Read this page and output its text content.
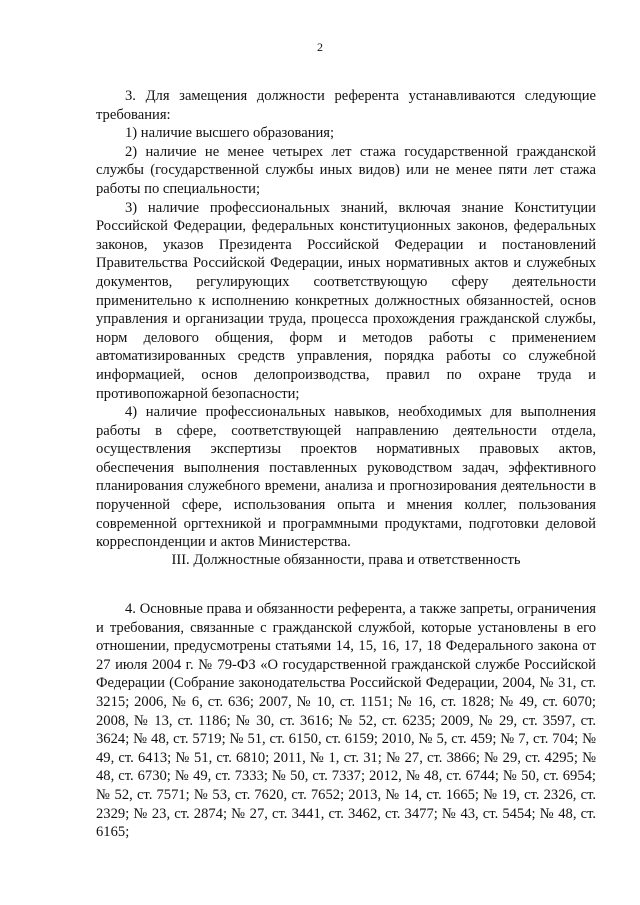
2

3. Для замещения должности референта устанавливаются следующие требования:

1) наличие высшего образования;

2) наличие не менее четырех лет стажа государственной гражданской службы (государственной службы иных видов) или не менее пяти лет стажа работы по специальности;

3) наличие профессиональных знаний, включая знание Конституции Российской Федерации, федеральных конституционных законов, федеральных законов, указов Президента Российской Федерации и постановлений Правительства Российской Федерации, иных нормативных актов и служебных документов, регулирующих соответствующую сферу деятельности применительно к исполнению конкретных должностных обязанностей, основ управления и организации труда, процесса прохождения гражданской службы, норм делового общения, форм и методов работы с применением автоматизированных средств управления, порядка работы со служебной информацией, основ делопроизводства, правил по охране труда и противопожарной безопасности;

4) наличие профессиональных навыков, необходимых для выполнения работы в сфере, соответствующей направлению деятельности отдела, осуществления экспертизы проектов нормативных правовых актов, обеспечения выполнения поставленных руководством задач, эффективного планирования служебного времени, анализа и прогнозирования деятельности в порученной сфере, использования опыта и мнения коллег, пользования современной оргтехникой и программными продуктами, подготовки деловой корреспонденции и актов Министерства.

III. Должностные обязанности, права и ответственность

4. Основные права и обязанности референта, а также запреты, ограничения и требования, связанные с гражданской службой, которые установлены в его отношении, предусмотрены статьями 14, 15, 16, 17, 18 Федерального закона от 27 июля 2004 г. № 79-ФЗ «О государственной гражданской службе Российской Федерации (Собрание законодательства Российской Федерации, 2004, № 31, ст. 3215; 2006, № 6, ст. 636; 2007, № 10, ст. 1151; № 16, ст. 1828; № 49, ст. 6070; 2008, № 13, ст. 1186; № 30, ст. 3616; № 52, ст. 6235; 2009, № 29, ст. 3597, ст. 3624; № 48, ст. 5719; № 51, ст. 6150, ст. 6159; 2010, № 5, ст. 459; № 7, ст. 704; № 49, ст. 6413; № 51, ст. 6810; 2011, № 1, ст. 31; № 27, ст. 3866; № 29, ст. 4295; № 48, ст. 6730; № 49, ст. 7333; № 50, ст. 7337; 2012, № 48, ст. 6744; № 50, ст. 6954; № 52, ст. 7571; № 53, ст. 7620, ст. 7652; 2013, № 14, ст. 1665; № 19, ст. 2326, ст. 2329; № 23, ст. 2874; № 27, ст. 3441, ст. 3462, ст. 3477; № 43, ст. 5454; № 48, ст. 6165;
